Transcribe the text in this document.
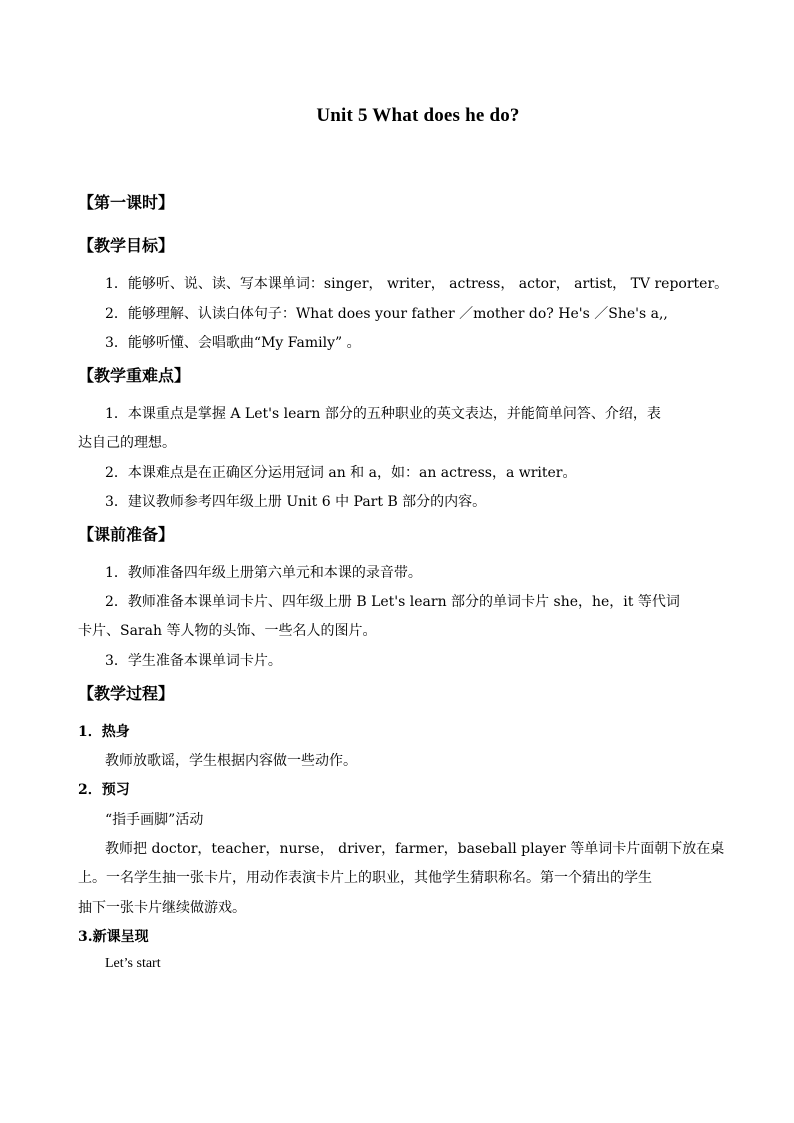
Unit 5 What does he do?
【第一课时】
【教学目标】
1．能够听、说、读、写本课单词：singer， writer， actress， actor， artist， TV reporter。
2．能够理解、认读白体句子：What does your father ／mother do? He's ／She's a,,
3．能够听懂、会唱歌曲“My Family” 。
【教学重难点】
1．本课重点是掌握 A Let's learn 部分的五种职业的英文表达，并能简单问答、介绍，表
达自己的理想。
2．本课难点是在正确区分运用冠词 an 和 a，如：an actress，a writer。
3．建议教师参考四年级上册 Unit 6 中 Part B 部分的内容。
【课前准备】
1．教师准备四年级上册第六单元和本课的录音带。
2．教师准备本课单词卡片、四年级上册 B Let's learn 部分的单词卡片 she，he，it 等代词
卡片、Sarah 等人物的头饰、一些名人的图片。
3．学生准备本课单词卡片。
【教学过程】
1．热身
教师放歌谣，学生根据内容做一些动作。
2．预习
“指手画脚”活动
教师把 doctor，teacher，nurse， driver，farmer，baseball player 等单词卡片面朝下放在桌
上。一名学生抽一张卡片，用动作表演卡片上的职业，其他学生猜职称名。第一个猜出的学生
抽下一张卡片继续做游戏。
3.新课呈现
Let’s start
